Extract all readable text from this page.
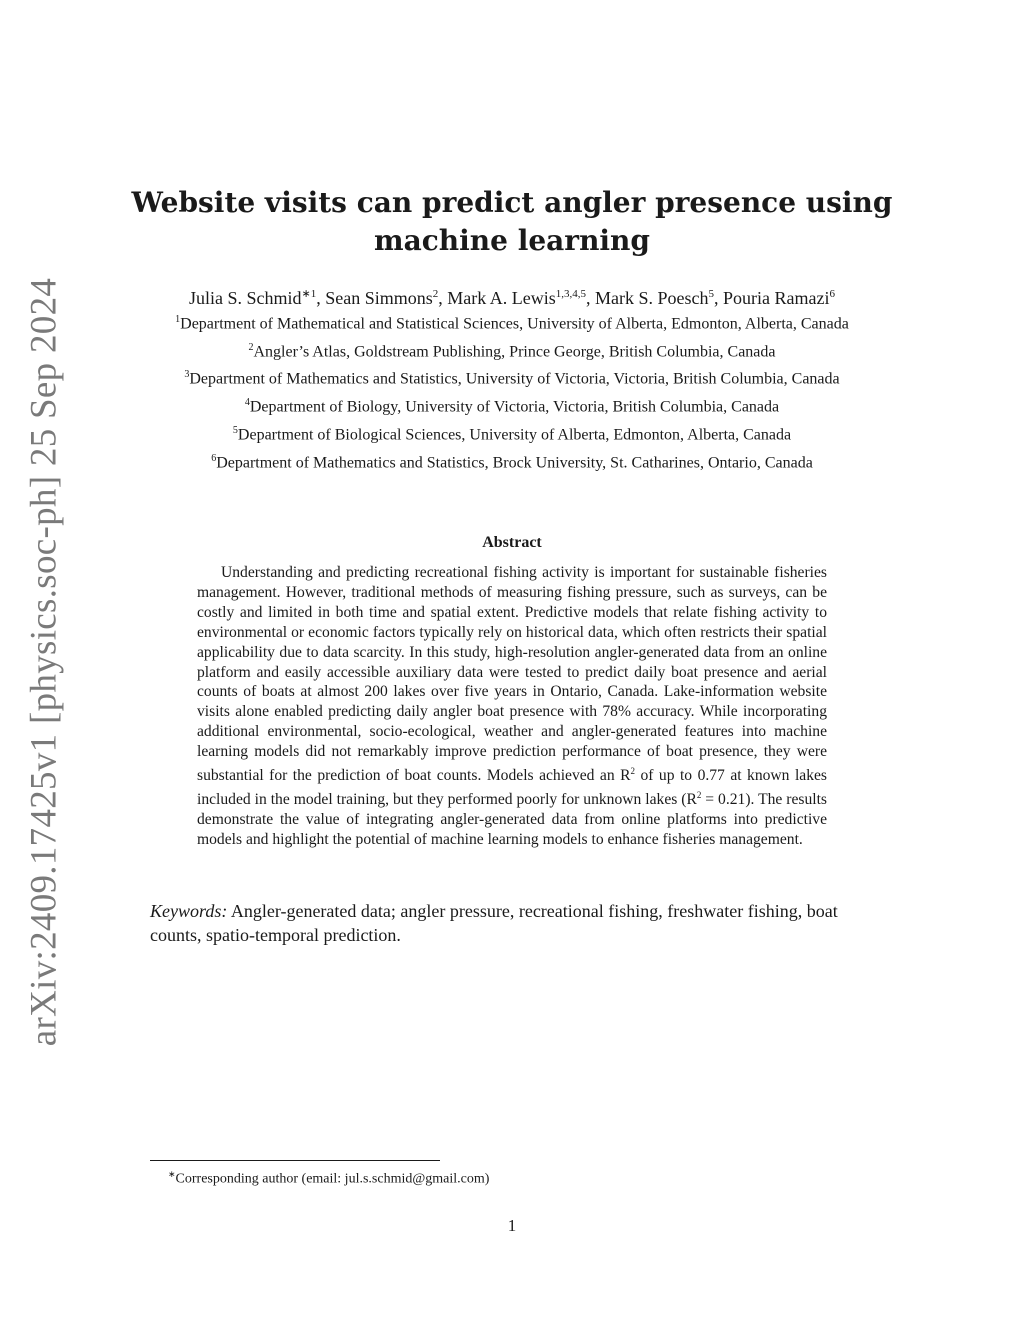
arXiv:2409.17425v1 [physics.soc-ph] 25 Sep 2024
Website visits can predict angler presence using
machine learning
Julia S. Schmid$^{∗1}$, Sean Simmons$^2$, Mark A. Lewis$^{1,3,4,5}$, Mark S. Poesch$^5$, Pouria Ramazi$^6$
$^1$Department of Mathematical and Statistical Sciences, University of Alberta, Edmonton, Alberta, Canada
$^2$Angler’s Atlas, Goldstream Publishing, Prince George, British Columbia, Canada
$^3$Department of Mathematics and Statistics, University of Victoria, Victoria, British Columbia, Canada
$^4$Department of Biology, University of Victoria, Victoria, British Columbia, Canada
$^5$Department of Biological Sciences, University of Alberta, Edmonton, Alberta, Canada
$^6$Department of Mathematics and Statistics, Brock University, St. Catharines, Ontario, Canada
Abstract

Understanding and predicting recreational fishing activity is important for sustainable fisheries management. However, traditional methods of measuring fishing pressure, such as surveys, can be costly and limited in both time and spatial extent. Predictive models that relate fishing activity to environmental or economic factors typically rely on historical data, which often restricts their spatial applicability due to data scarcity. In this study, high-resolution angler-generated data from an online platform and easily accessible auxiliary data were tested to predict daily boat presence and aerial counts of boats at almost 200 lakes over five years in Ontario, Canada. Lake-information website visits alone enabled predicting daily angler boat presence with 78% accuracy. While incorporating additional environmental, socio-ecological, weather and angler-generated features into machine learning models did not remarkably improve prediction performance of boat presence, they were substantial for the prediction of boat counts. Models achieved an $R^2$ of up to 0.77 at known lakes included in the model training, but they performed poorly for unknown lakes $(R^2 = 0.21)$. The results demonstrate the value of integrating angler-generated data from online platforms into predictive models and highlight the potential of machine learning models to enhance fisheries management.

Keywords: Angler-generated data; angler pressure, recreational fishing, freshwater fishing, boat counts, spatio-temporal prediction.

∗Corresponding author (email: jul.s.schmid@gmail.com)
1
